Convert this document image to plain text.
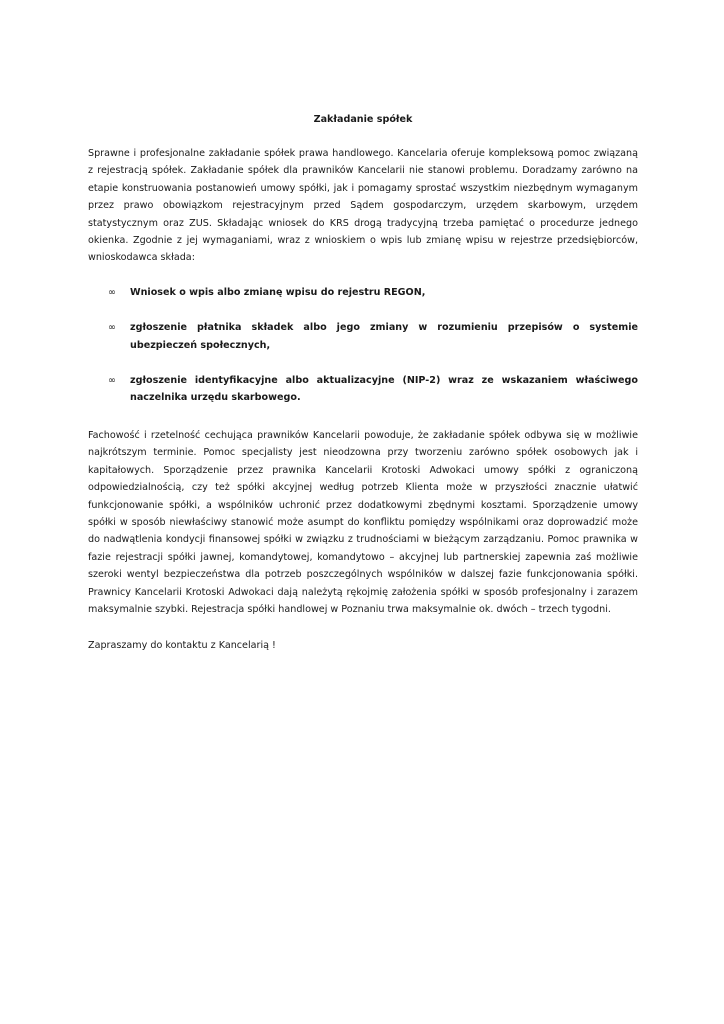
Zakładanie spółek

Sprawne i profesjonalne zakładanie spółek prawa handlowego. Kancelaria oferuje kompleksową pomoc związaną z rejestracją spółek. Zakładanie spółek dla prawników Kancelarii nie stanowi problemu. Doradzamy zarówno na etapie konstruowania postanowień umowy spółki, jak i pomagamy sprostać wszystkim niezbędnym wymaganym przez prawo obowiązkom rejestracyjnym przed Sądem gospodarczym, urzędem skarbowym, urzędem statystycznym oraz ZUS. Składając wniosek do KRS drogą tradycyjną trzeba pamiętać o procedurze jednego okienka. Zgodnie z jej wymaganiami, wraz z wnioskiem o wpis lub zmianę wpisu w rejestrze przedsiębiorców, wnioskodawca składa:

∞ Wniosek o wpis albo zmianę wpisu do rejestru REGON,
∞ zgłoszenie płatnika składek albo jego zmiany w rozumieniu przepisów o systemie ubezpieczeń społecznych,
∞ zgłoszenie identyfikacyjne albo aktualizacyjne (NIP-2) wraz ze wskazaniem właściwego naczelnika urzędu skarbowego.

Fachowość i rzetelność cechująca prawników Kancelarii powoduje, że zakładanie spółek odbywa się w możliwie najkrótszym terminie. Pomoc specjalisty jest nieodzowna przy tworzeniu zarówno spółek osobowych jak i kapitałowych. Sporządzenie przez prawnika Kancelarii Krotoski Adwokaci umowy spółki z ograniczoną odpowiedzialnością, czy też spółki akcyjnej według potrzeb Klienta może w przyszłości znacznie ułatwić funkcjonowanie spółki, a wspólników uchronić przez dodatkowymi zbędnymi kosztami. Sporządzenie umowy spółki w sposób niewłaściwy stanowić może asumpt do konfliktu pomiędzy wspólnikami oraz doprowadzić może do nadwątlenia kondycji finansowej spółki w związku z trudnościami w bieżącym zarządzaniu. Pomoc prawnika w fazie rejestracji spółki jawnej, komandytowej, komandytowo – akcyjnej lub partnerskiej zapewnia zaś możliwie szeroki wentyl bezpieczeństwa dla potrzeb poszczególnych wspólników w dalszej fazie funkcjonowania spółki. Prawnicy Kancelarii Krotoski Adwokaci dają należytą rękojmię założenia spółki w sposób profesjonalny i zarazem maksymalnie szybki. Rejestracja spółki handlowej w Poznaniu trwa maksymalnie ok. dwóch – trzech tygodni.

Zapraszamy do kontaktu z Kancelarią !
